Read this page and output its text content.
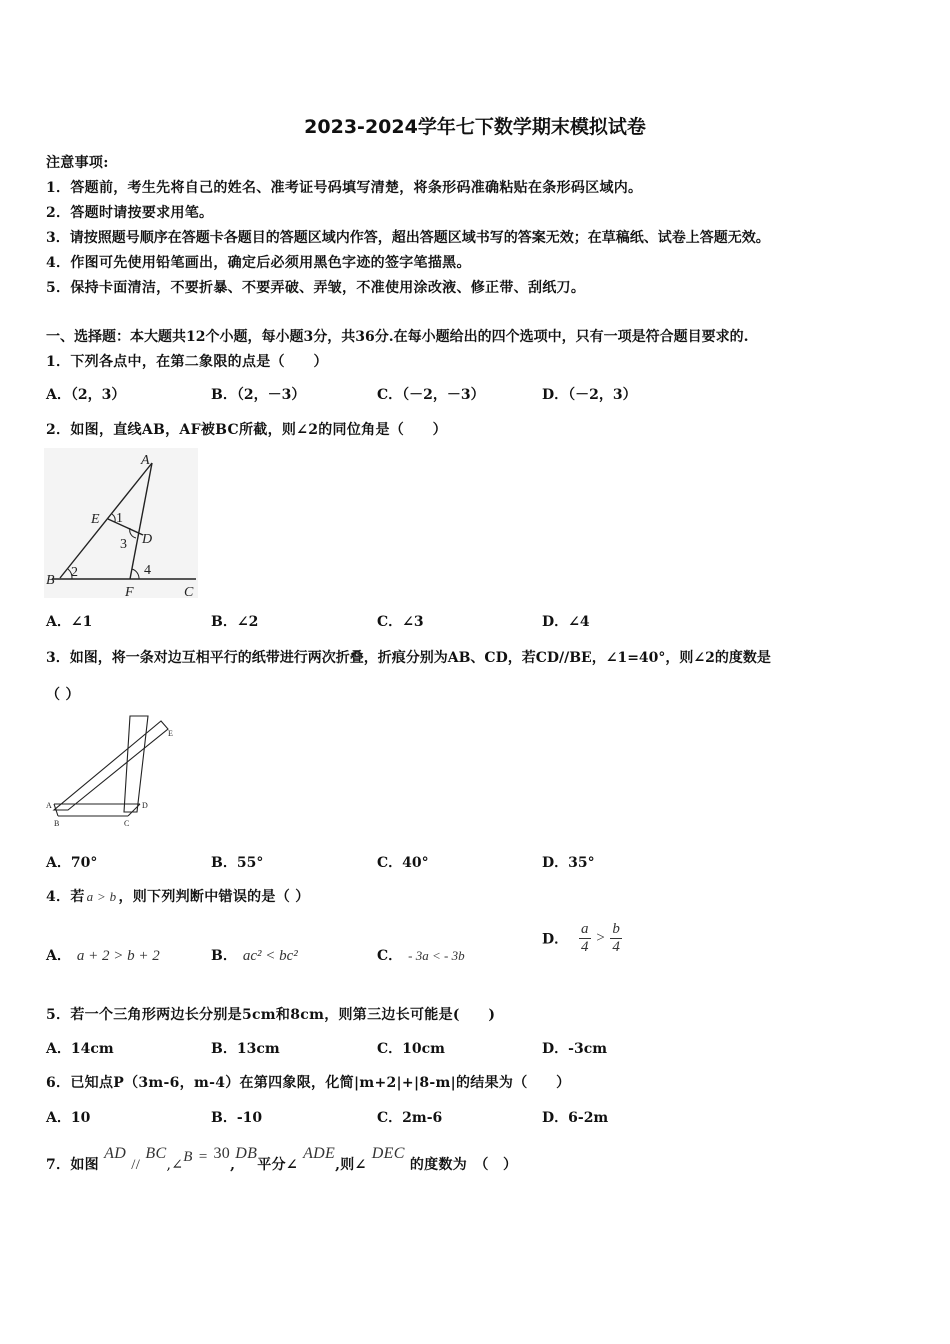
2023-2024学年七下数学期末模拟试卷
注意事项:
1．答题前，考生先将自己的姓名、准考证号码填写清楚，将条形码准确粘贴在条形码区域内。
2．答题时请按要求用笔。
3．请按照题号顺序在答题卡各题目的答题区域内作答，超出答题区域书写的答案无效；在草稿纸、试卷上答题无效。
4．作图可先使用铅笔画出，确定后必须用黑色字迹的签字笔描黑。
5．保持卡面清洁，不要折暴、不要弄破、弄皱，不准使用涂改液、修正带、刮纸刀。
一、选择题：本大题共12个小题，每小题3分，共36分.在每小题给出的四个选项中，只有一项是符合题目要求的.
1．下列各点中，在第二象限的点是（　　）
A．（2，3）	B．（2，－3）	C．（－2，－3）	D．（－2，3）
2．如图，直线AB，AF被BC所截，则∠2的同位角是（　　）
A
E 1
3 D
B
2	4
F	C
A．∠1	B．∠2	C．∠3	D．∠4
3．如图，将一条对边互相平行的纸带进行两次折叠，折痕分别为AB、CD，若CD//BE，∠1=40°，则∠2的度数是
（ ）
A
B	C
D
E
A．70°	B．55°	C．40°	D．35°
4．若 a > b ，则下列判断中错误的是（ ）
A． a + 2 > b + 2	B． ac² < bc²	C． - 3a < - 3b
D． $\frac{a}{4} > \frac{b}{4}$
5．若一个三角形两边长分别是5cm和8cm，则第三边长可能是(　　)
A．14cm	B．13cm	C．10cm	D．-3cm
6．已知点P（3m-6，m-4）在第四象限，化简|m+2|+|8-m|的结果为（　　）
A．10	B．-10	C．2m-6	D．6-2m
7．如图 AD // BC,∠B = 30,DB平分∠ ADE,则∠ DEC 的度数为　（　）
